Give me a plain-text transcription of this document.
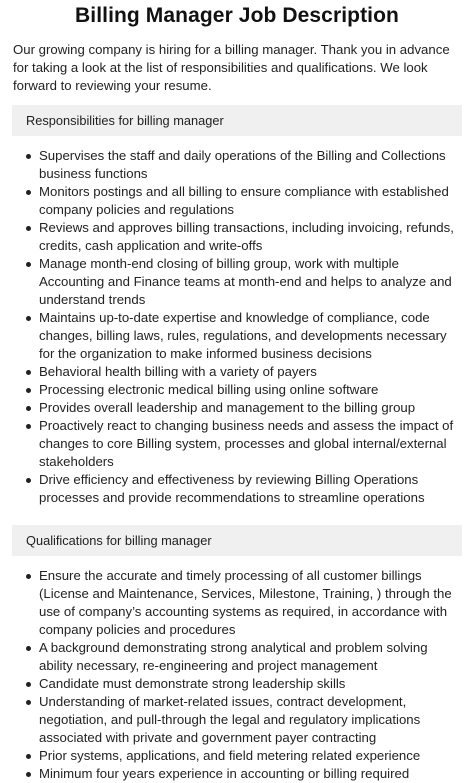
Billing Manager Job Description

Our growing company is hiring for a billing manager. Thank you in advance for taking a look at the list of responsibilities and qualifications. We look forward to reviewing your resume.

Responsibilities for billing manager
Supervises the staff and daily operations of the Billing and Collections business functions
Monitors postings and all billing to ensure compliance with established company policies and regulations
Reviews and approves billing transactions, including invoicing, refunds, credits, cash application and write-offs
Manage month-end closing of billing group, work with multiple Accounting and Finance teams at month-end and helps to analyze and understand trends
Maintains up-to-date expertise and knowledge of compliance, code changes, billing laws, rules, regulations, and developments necessary for the organization to make informed business decisions
Behavioral health billing with a variety of payers
Processing electronic medical billing using online software
Provides overall leadership and management to the billing group
Proactively react to changing business needs and assess the impact of changes to core Billing system, processes and global internal/external stakeholders
Drive efficiency and effectiveness by reviewing Billing Operations processes and provide recommendations to streamline operations
Qualifications for billing manager
Ensure the accurate and timely processing of all customer billings (License and Maintenance, Services, Milestone, Training, ) through the use of company’s accounting systems as required, in accordance with company policies and procedures
A background demonstrating strong analytical and problem solving ability necessary, re-engineering and project management
Candidate must demonstrate strong leadership skills
Understanding of market-related issues, contract development, negotiation, and pull-through the legal and regulatory implications associated with private and government payer contracting
Prior systems, applications, and field metering related experience
Minimum four years experience in accounting or billing required
